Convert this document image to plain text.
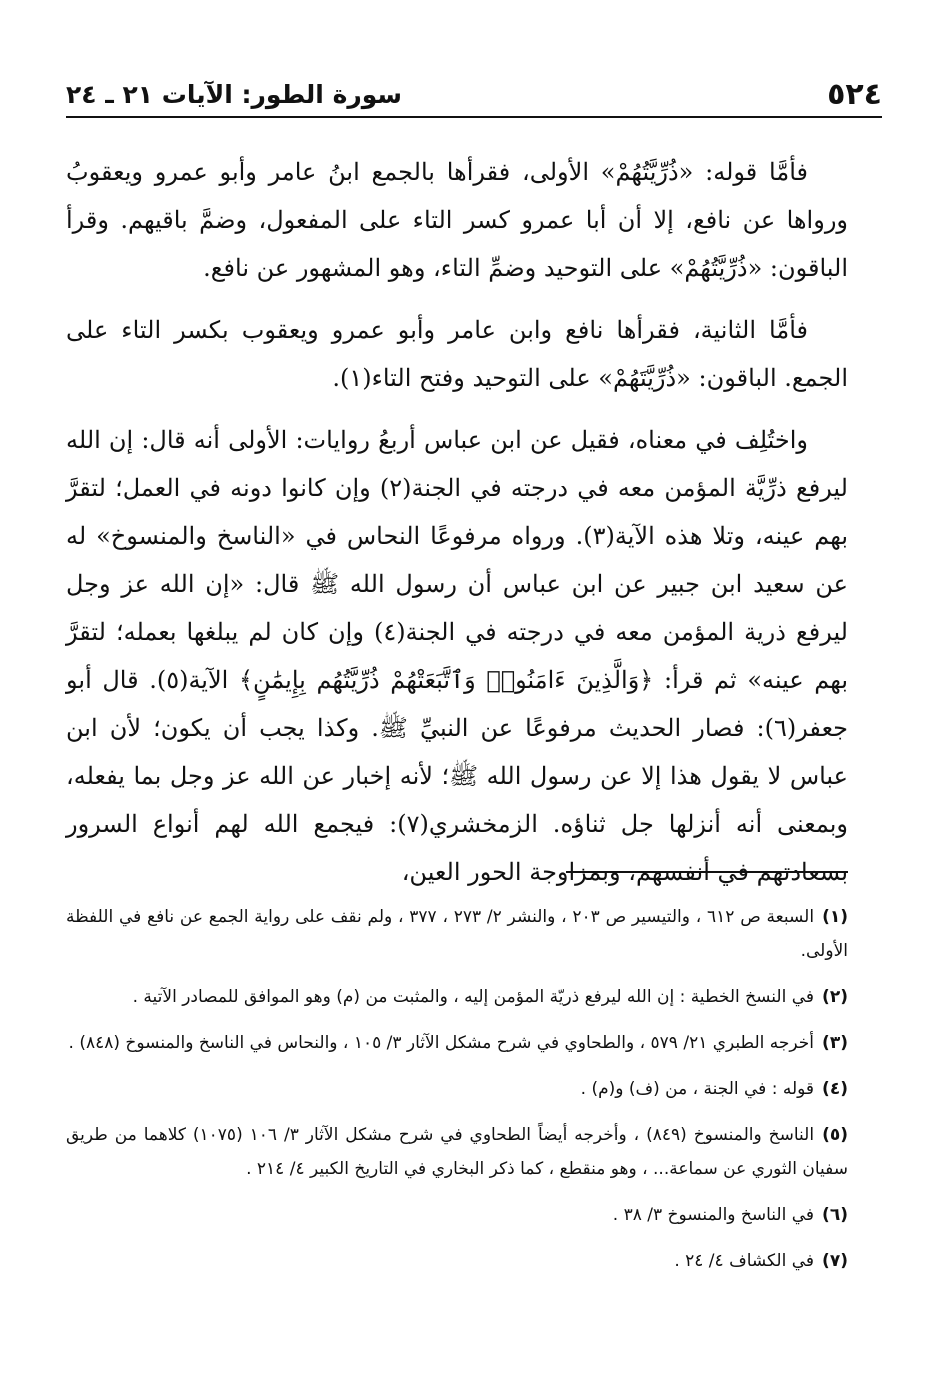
٥٢٤
سورة الطور: الآيات ٢١ ـ ٢٤

فأمَّا قوله: «ذُرِّيَّتُهُمْ» الأولى، فقرأها بالجمع ابنُ عامر وأبو عمرو ويعقوبُ ورواها عن نافع، إلا أن أبا عمرو كسر التاء على المفعول، وضمَّ باقيهم. وقرأ الباقون: «ذُرِّيَّتُهُمْ» على التوحيد وضمِّ التاء، وهو المشهور عن نافع.

فأمَّا الثانية، فقرأها نافع وابن عامر وأبو عمرو ويعقوب بكسر التاء على الجمع. الباقون: «ذُرِّيَّتَهُمْ» على التوحيد وفتح التاء(١).

واختُلِف في معناه، فقيل عن ابن عباس أربعُ روايات: الأولى أنه قال: إن الله ليرفع ذرِّيَّة المؤمن معه في درجته في الجنة(٢) وإن كانوا دونه في العمل؛ لتقرَّ بهم عينه، وتلا هذه الآية(٣). ورواه مرفوعًا النحاس في «الناسخ والمنسوخ» له عن سعيد ابن جبير عن ابن عباس أن رسول الله ﷺ قال: «إن الله عز وجل ليرفع ذرية المؤمن معه في درجته في الجنة(٤) وإن كان لم يبلغها بعمله؛ لتقرَّ بهم عينه» ثم قرأ: ﴿وَالَّذِينَ ءَامَنُوا۟ وَٱتَّبَعَتْهُمْ ذُرِّيَّتُهُم بِإِيمَٰنٍ﴾ الآية(٥). قال أبو جعفر(٦): فصار الحديث مرفوعًا عن النبيِّ ﷺ. وكذا يجب أن يكون؛ لأن ابن عباس لا يقول هذا إلا عن رسول الله ﷺ؛ لأنه إخبار عن الله عز وجل بما يفعله، وبمعنى أنه أنزلها جل ثناؤه. الزمخشري(٧): فيجمع الله لهم أنواع السرور بسعادتهم في أنفسهم، وبمزاوجة الحور العين،

(١)السبعة ص ٦١٢ ، والتيسير ص ٢٠٣ ، والنشر ٢/ ٢٧٣ ، ٣٧٧ ، ولم نقف على رواية الجمع عن نافع في اللفظة الأولى.
(٢)في النسخ الخطية : إن الله ليرفع ذريّة المؤمن إليه ، والمثبت من (م) وهو الموافق للمصادر الآتية .
(٣)أخرجه الطبري ٢١/ ٥٧٩ ، والطحاوي في شرح مشكل الآثار ٣/ ١٠٥ ، والنحاس في الناسخ والمنسوخ (٨٤٨) .
(٤)قوله : في الجنة ، من (ف) و(م) .
(٥)الناسخ والمنسوخ (٨٤٩) ، وأخرجه أيضاً الطحاوي في شرح مشكل الآثار ٣/ ١٠٦ (١٠٧٥) كلاهما من طريق سفيان الثوري عن سماعة... ، وهو منقطع ، كما ذكر البخاري في التاريخ الكبير ٤/ ٢١٤ .
(٦)في الناسخ والمنسوخ ٣/ ٣٨ .
(٧)في الكشاف ٤/ ٢٤ .
